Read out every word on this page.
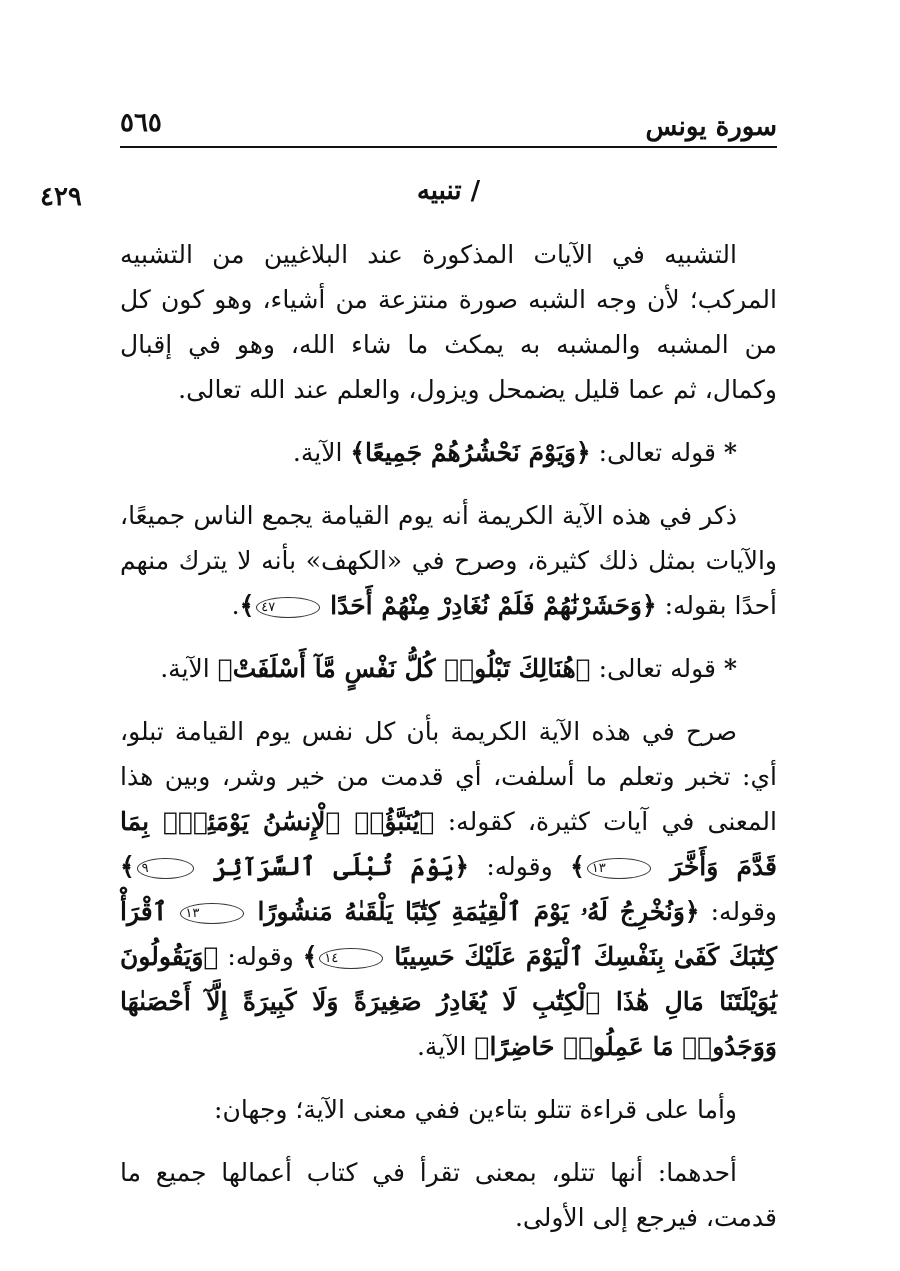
سورة يونس
٥٦٥
٤٢٩	/ تنبيه

التشبيه في الآيات المذكورة عند البلاغيين من التشبيه المركب؛ لأن وجه الشبه صورة منتزعة من أشياء، وهو كون كل من المشبه والمشبه به يمكث ما شاء الله، وهو في إقبال وكمال، ثم عما قليل يضمحل ويزول، والعلم عند الله تعالى.

* قوله تعالى: ﴿وَيَوْمَ نَحْشُرُهُمْ جَمِيعًا﴾ الآية.

ذكر في هذه الآية الكريمة أنه يوم القيامة يجمع الناس جميعًا، والآيات بمثل ذلك كثيرة، وصرح في «الكهف» بأنه لا يترك منهم أحدًا بقوله: ﴿وَحَشَرْنَٰهُمْ فَلَمْ نُغَادِرْ مِنْهُمْ أَحَدًا ٤٧﴾.

* قوله تعالى: ﴿هُنَالِكَ تَبْلُوا۟ كُلُّ نَفْسٍ مَّآ أَسْلَفَتْ﴾ الآية.

صرح في هذه الآية الكريمة بأن كل نفس يوم القيامة تبلو، أي: تخبر وتعلم ما أسلفت، أي قدمت من خير وشر، وبين هذا المعنى في آيات كثيرة، كقوله: ﴿يُنَبَّؤُا۟ ٱلْإِنسَٰنُ يَوْمَئِذٍۭ بِمَا قَدَّمَ وَأَخَّرَ ١٣﴾ وقوله: ﴿يَوْمَ تُبْلَى ٱلسَّرَآئِرُ ٩﴾ وقوله: ﴿وَنُخْرِجُ لَهُۥ يَوْمَ ٱلْقِيَٰمَةِ كِتَٰبًا يَلْقَىٰهُ مَنشُورًا ١٣ ٱقْرَأْ كِتَٰبَكَ كَفَىٰ بِنَفْسِكَ ٱلْيَوْمَ عَلَيْكَ حَسِيبًا ١٤﴾ وقوله: ﴿وَيَقُولُونَ يَٰوَيْلَتَنَا مَالِ هَٰذَا ٱلْكِتَٰبِ لَا يُغَادِرُ صَغِيرَةً وَلَا كَبِيرَةً إِلَّآ أَحْصَىٰهَا وَوَجَدُوا۟ مَا عَمِلُوا۟ حَاضِرًا﴾ الآية.

وأما على قراءة تتلو بتاءين ففي معنى الآية؛ وجهان:

أحدهما: أنها تتلو، بمعنى تقرأ في كتاب أعمالها جميع ما قدمت، فيرجع إلى الأولى.
